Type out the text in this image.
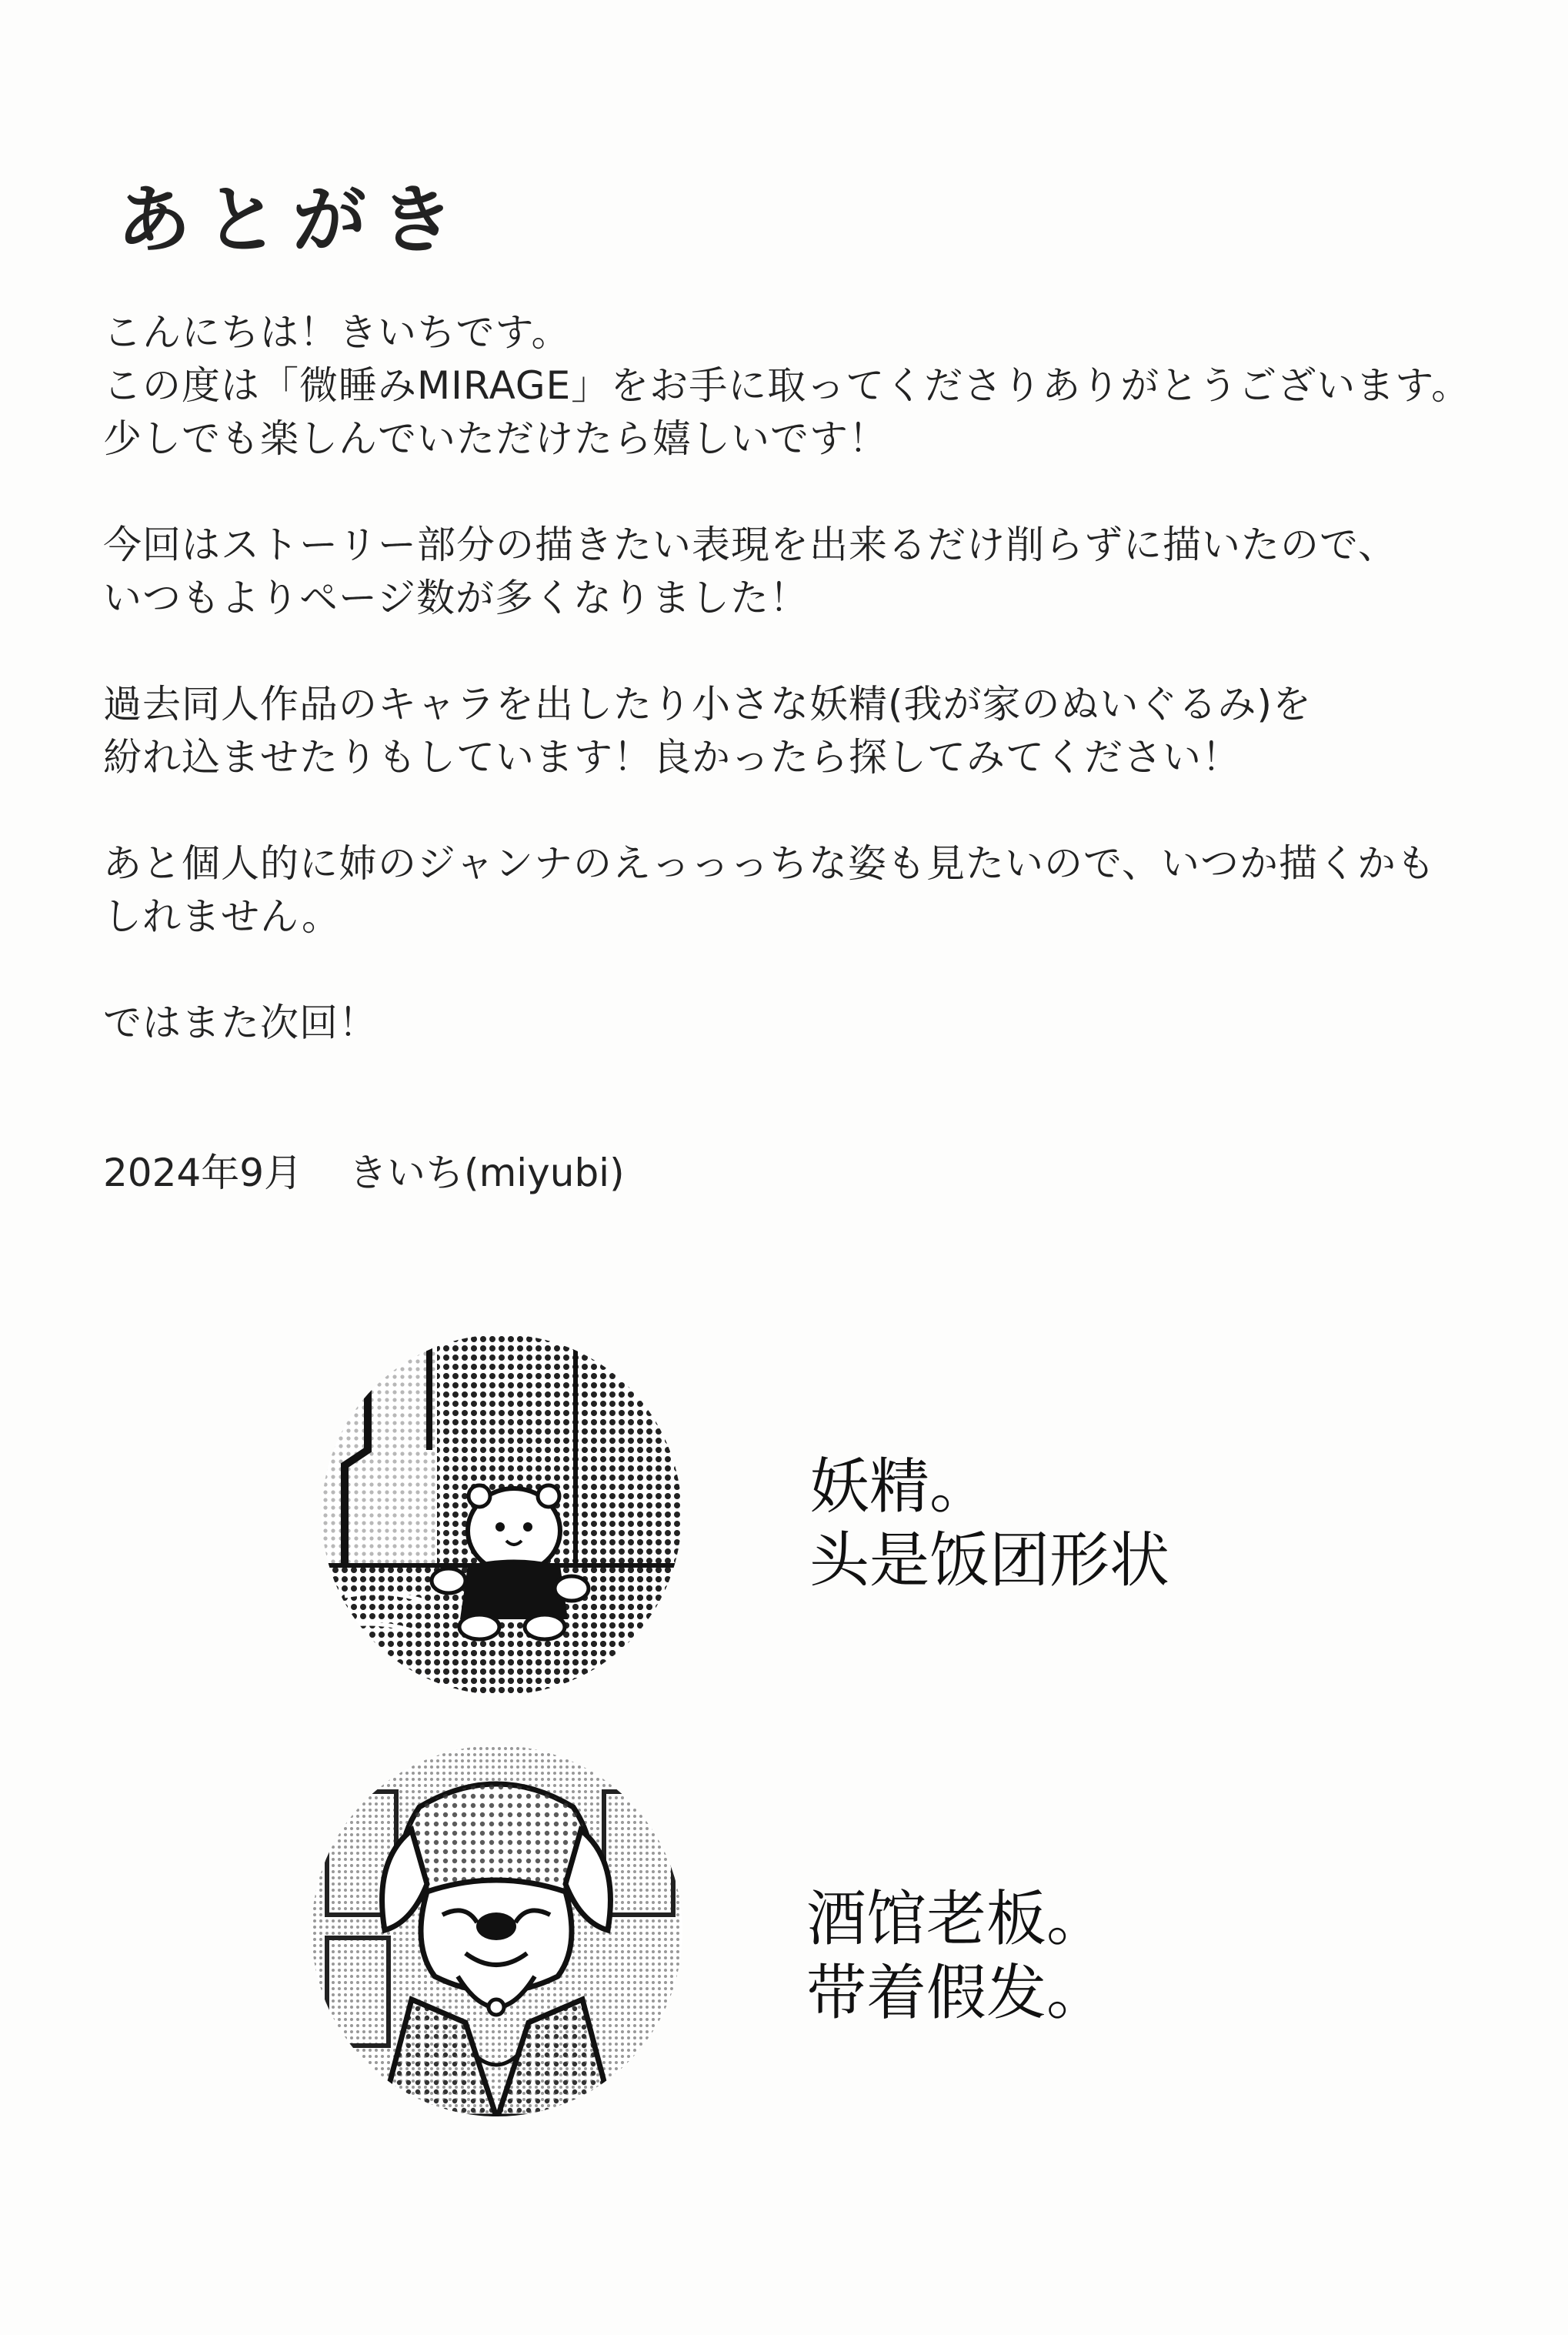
あとがき

こんにちは！きいちです。

この度は「微睡みMIRAGE」をお手に取ってくださりありがとうございます。

少しでも楽しんでいただけたら嬉しいです！

今回はストーリー部分の描きたい表現を出来るだけ削らずに描いたので、

いつもよりページ数が多くなりました！

過去同人作品のキャラを出したり小さな妖精(我が家のぬいぐるみ)を

紛れ込ませたりもしています！良かったら探してみてください！

あと個人的に姉のジャンナのえっっっちな姿も見たいので、いつか描くかも

しれません。

ではまた次回！

2024年9月 きいち(miyubi)

妖精。

头是饭团形状

酒馆老板。

带着假发。
